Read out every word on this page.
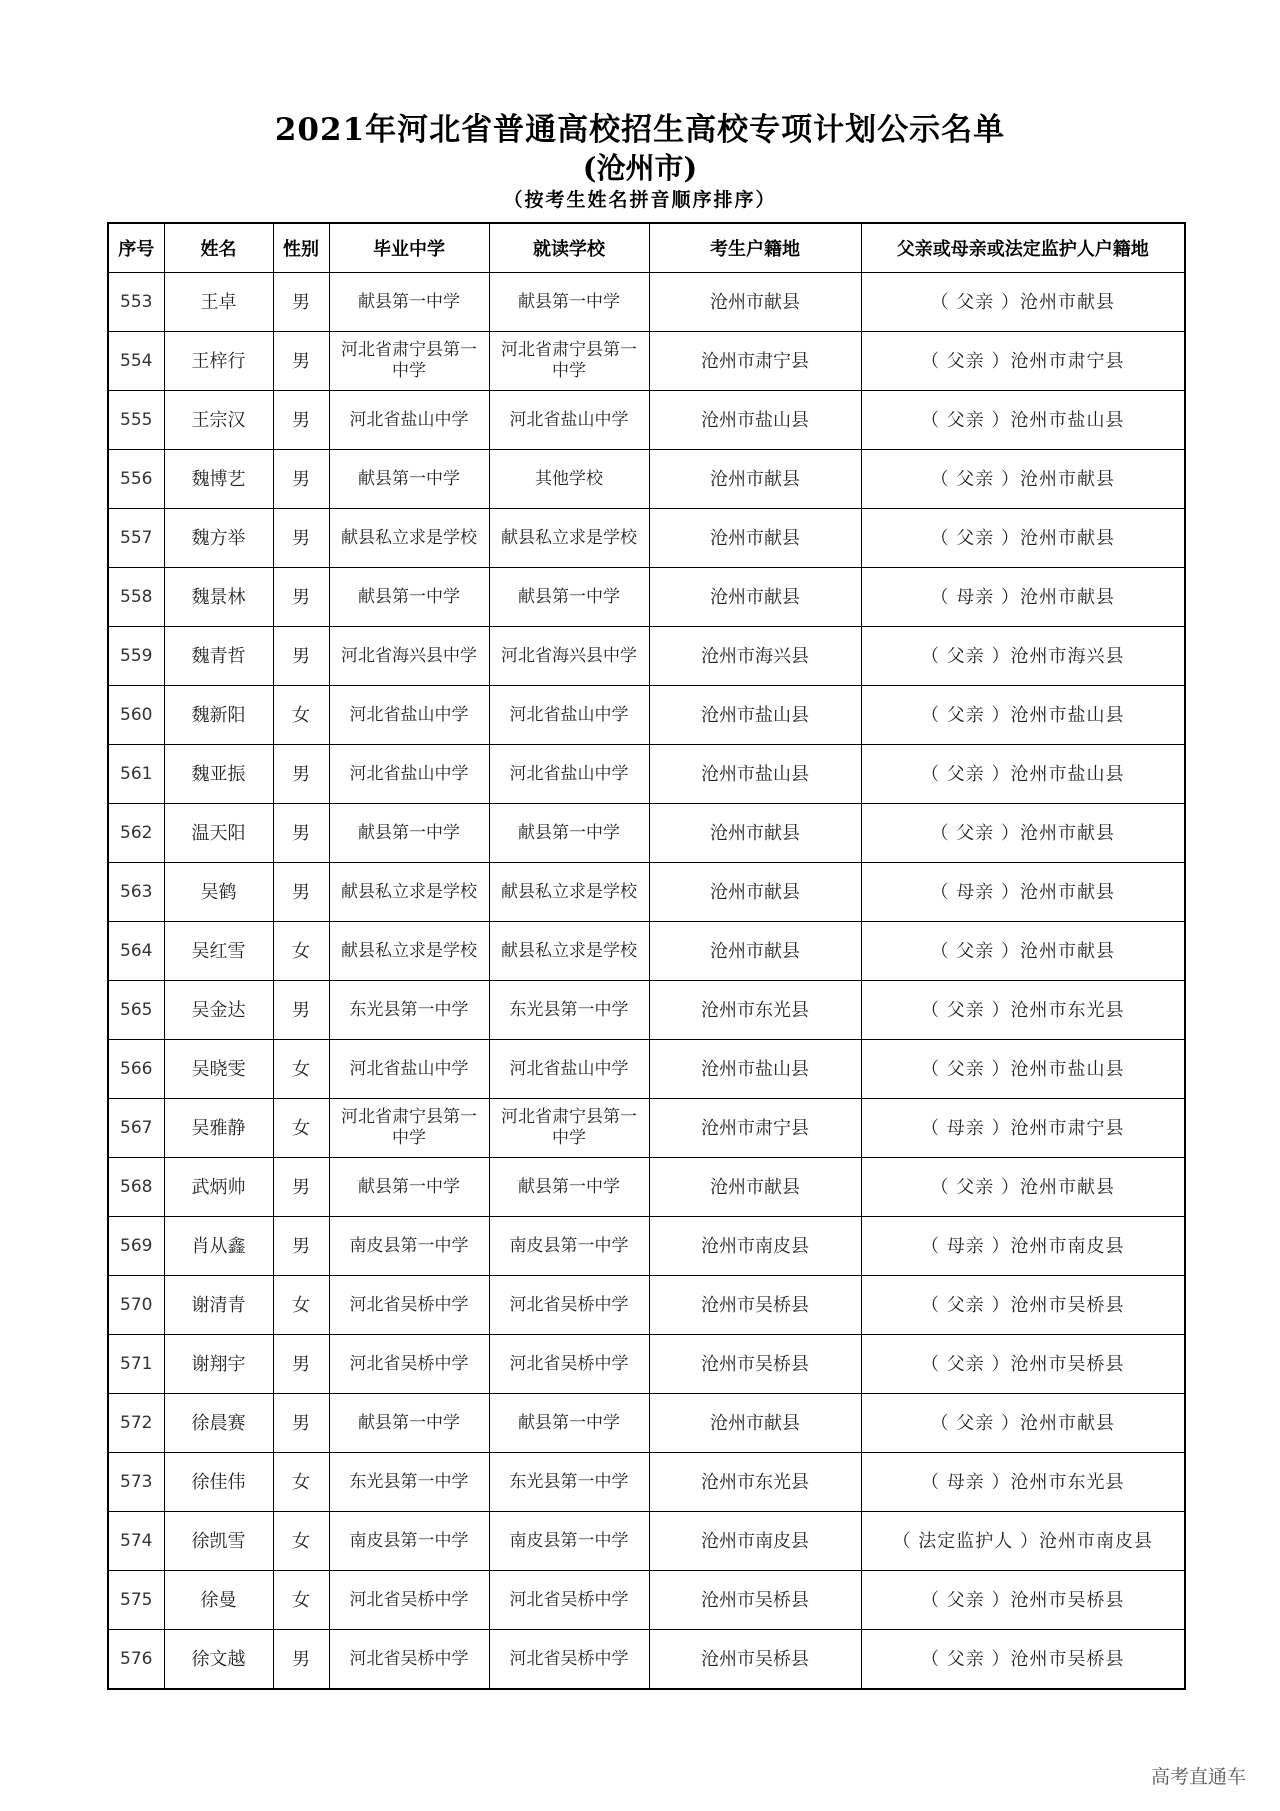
2021年河北省普通高校招生高校专项计划公示名单
(沧州市)
（按考生姓名拼音顺序排序）
序号	姓名	性别	毕业中学	就读学校	考生户籍地	父亲或母亲或法定监护人户籍地
553	王卓	男	献县第一中学	献县第一中学	沧州市献县	（ 父亲 ）沧州市献县
554	王梓行	男	河北省肃宁县第一中学	河北省肃宁县第一中学	沧州市肃宁县	（ 父亲 ）沧州市肃宁县
555	王宗汉	男	河北省盐山中学	河北省盐山中学	沧州市盐山县	（ 父亲 ）沧州市盐山县
556	魏博艺	男	献县第一中学	其他学校	沧州市献县	（ 父亲 ）沧州市献县
557	魏方举	男	献县私立求是学校	献县私立求是学校	沧州市献县	（ 父亲 ）沧州市献县
558	魏景林	男	献县第一中学	献县第一中学	沧州市献县	（ 母亲 ）沧州市献县
559	魏青哲	男	河北省海兴县中学	河北省海兴县中学	沧州市海兴县	（ 父亲 ）沧州市海兴县
560	魏新阳	女	河北省盐山中学	河北省盐山中学	沧州市盐山县	（ 父亲 ）沧州市盐山县
561	魏亚振	男	河北省盐山中学	河北省盐山中学	沧州市盐山县	（ 父亲 ）沧州市盐山县
562	温天阳	男	献县第一中学	献县第一中学	沧州市献县	（ 父亲 ）沧州市献县
563	吴鹤	男	献县私立求是学校	献县私立求是学校	沧州市献县	（ 母亲 ）沧州市献县
564	吴红雪	女	献县私立求是学校	献县私立求是学校	沧州市献县	（ 父亲 ）沧州市献县
565	吴金达	男	东光县第一中学	东光县第一中学	沧州市东光县	（ 父亲 ）沧州市东光县
566	吴晓雯	女	河北省盐山中学	河北省盐山中学	沧州市盐山县	（ 父亲 ）沧州市盐山县
567	吴雅静	女	河北省肃宁县第一中学	河北省肃宁县第一中学	沧州市肃宁县	（ 母亲 ）沧州市肃宁县
568	武炳帅	男	献县第一中学	献县第一中学	沧州市献县	（ 父亲 ）沧州市献县
569	肖从鑫	男	南皮县第一中学	南皮县第一中学	沧州市南皮县	（ 母亲 ）沧州市南皮县
570	谢清青	女	河北省吴桥中学	河北省吴桥中学	沧州市吴桥县	（ 父亲 ）沧州市吴桥县
571	谢翔宇	男	河北省吴桥中学	河北省吴桥中学	沧州市吴桥县	（ 父亲 ）沧州市吴桥县
572	徐晨赛	男	献县第一中学	献县第一中学	沧州市献县	（ 父亲 ）沧州市献县
573	徐佳伟	女	东光县第一中学	东光县第一中学	沧州市东光县	（ 母亲 ）沧州市东光县
574	徐凯雪	女	南皮县第一中学	南皮县第一中学	沧州市南皮县	（ 法定监护人 ）沧州市南皮县
575	徐曼	女	河北省吴桥中学	河北省吴桥中学	沧州市吴桥县	（ 父亲 ）沧州市吴桥县
576	徐文越	男	河北省吴桥中学	河北省吴桥中学	沧州市吴桥县	（ 父亲 ）沧州市吴桥县
高考直通车
